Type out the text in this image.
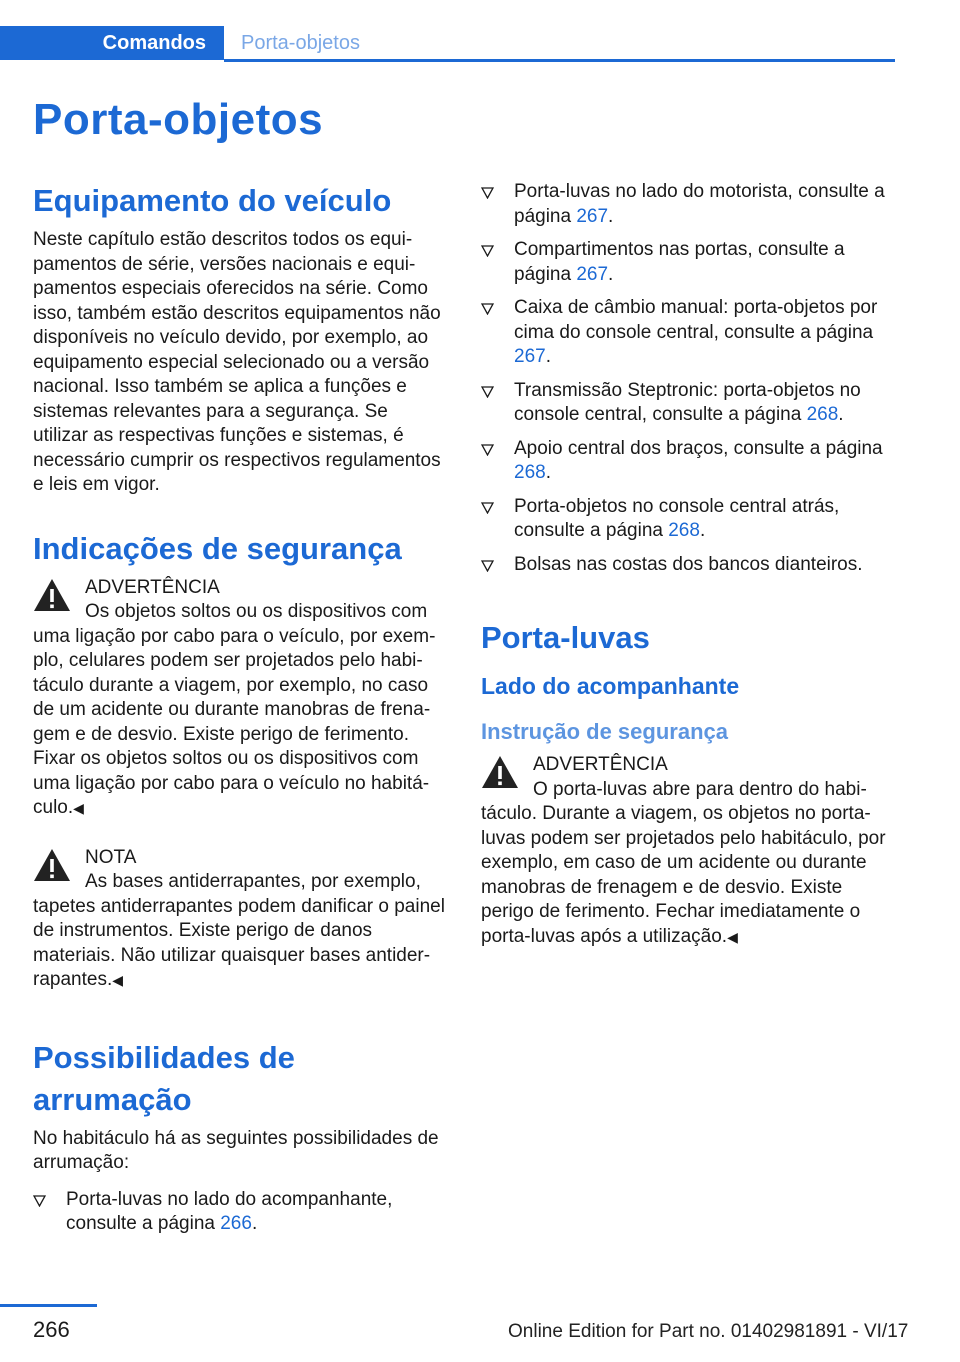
Comandos	Porta-objetos
Porta-objetos
Equipamento do veículo

Neste capítulo estão descritos todos os equipamentos de série, versões nacionais e equipamentos especiais oferecidos na série. Como isso, também estão descritos equipamentos não disponíveis no veículo devido, por exemplo, ao equipamento especial selecionado ou a versão nacional. Isso também se aplica a funções e sistemas relevantes para a segurança. Se utilizar as respectivas funções e sistemas, é necessário cumprir os respectivos regulamentos e leis em vigor.

Indicações de segurança

ADVERTÊNCIA

Os objetos soltos ou os dispositivos com uma ligação por cabo para o veículo, por exemplo, celulares podem ser projetados pelo habitáculo durante a viagem, por exemplo, no caso de um acidente ou durante manobras de frenagem e de desvio. Existe perigo de ferimento. Fixar os objetos soltos ou os dispositivos com uma ligação por cabo para o veículo no habitáculo.◀

NOTA

As bases antiderrapantes, por exemplo, tapetes antiderrapantes podem danificar o painel de instrumentos. Existe perigo de danos materiais. Não utilizar quaisquer bases antiderrapantes.◀

Possibilidades de arrumação

No habitáculo há as seguintes possibilidades de arrumação:

Porta-luvas no lado do acompanhante, consulte a página 266.
Porta-luvas no lado do motorista, consulte a página 267.
Compartimentos nas portas, consulte a página 267.
Caixa de câmbio manual: porta-objetos por cima do console central, consulte a página 267.
Transmissão Steptronic: porta-objetos no console central, consulte a página 268.
Apoio central dos braços, consulte a página 268.
Porta-objetos no console central atrás, consulte a página 268.
Bolsas nas costas dos bancos dianteiros.
Porta-luvas
Lado do acompanhante
Instrução de segurança

ADVERTÊNCIA

O porta-luvas abre para dentro do habitáculo. Durante a viagem, os objetos no porta-luvas podem ser projetados pelo habitáculo, por exemplo, em caso de um acidente ou durante manobras de frenagem e de desvio. Existe perigo de ferimento. Fechar imediatamente o porta-luvas após a utilização.◀

266	Online Edition for Part no. 01402981891 - VI/17
